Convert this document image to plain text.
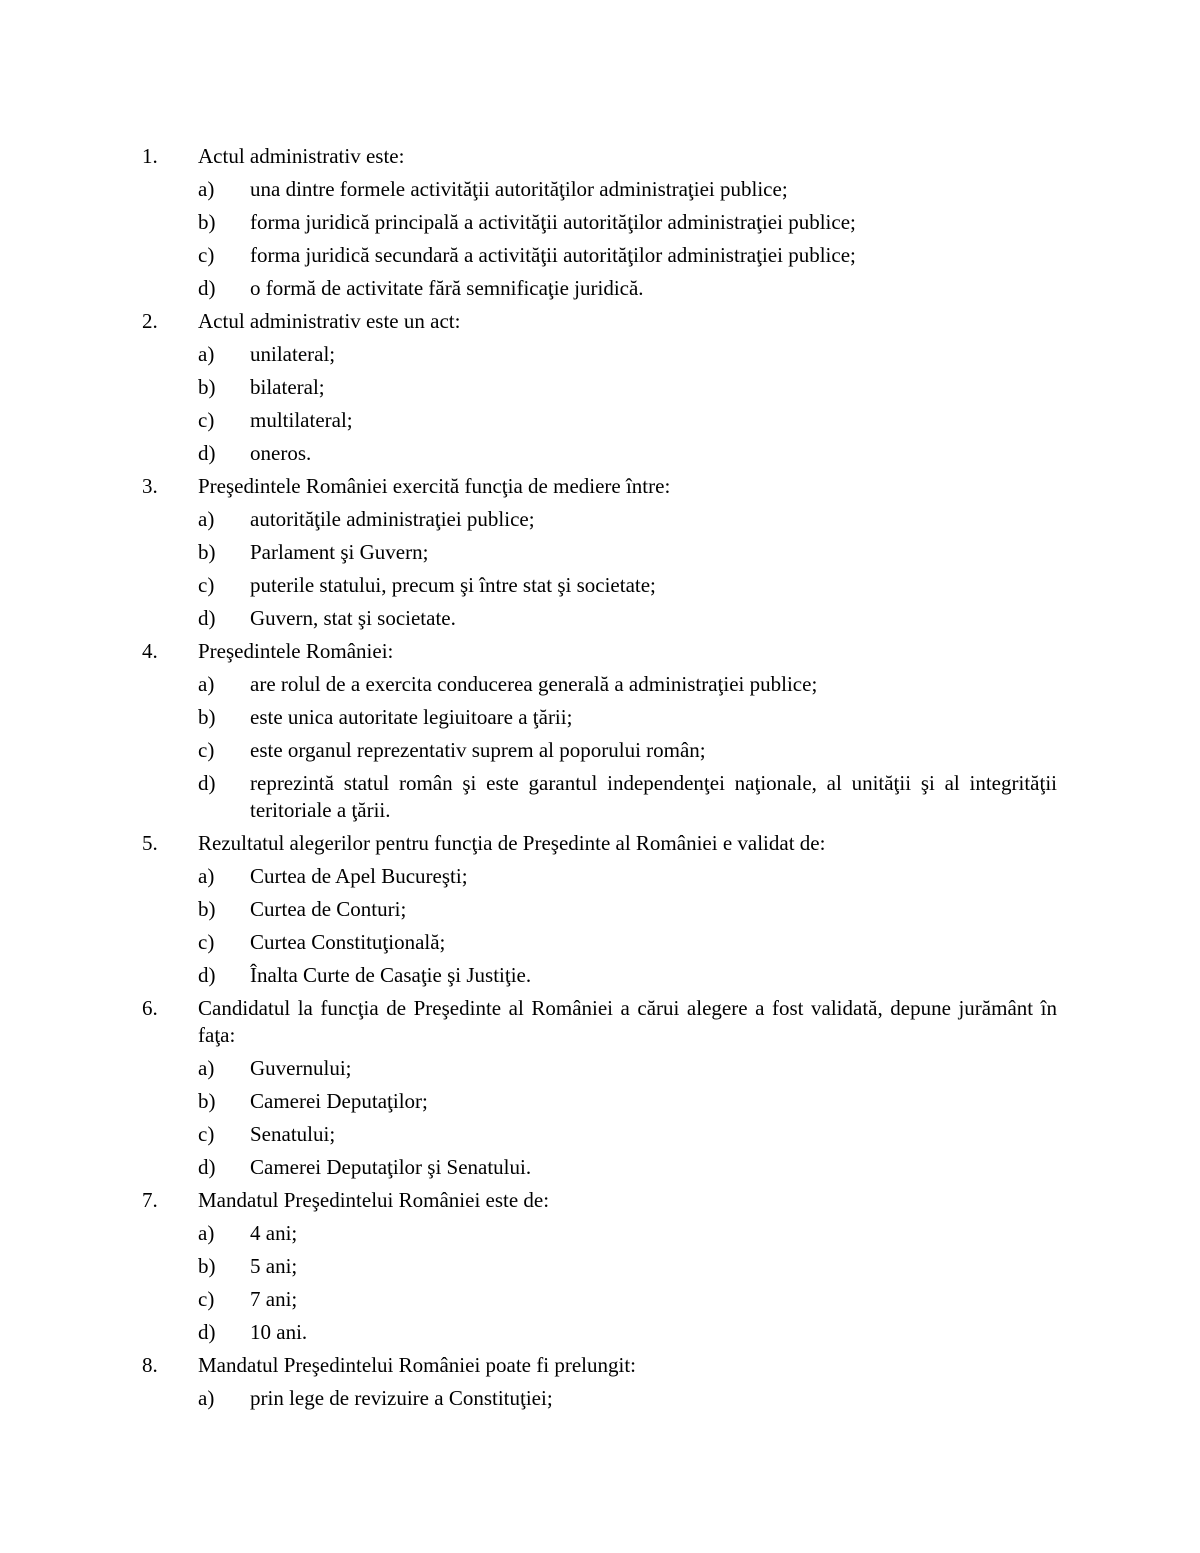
1.	Actul administrativ este:
a)	una dintre formele activităţii autorităţilor administraţiei publice;
b)	forma juridică principală a activităţii autorităţilor administraţiei publice;
c)	forma juridică secundară a activităţii autorităţilor administraţiei publice;
d)	o formă de activitate fără semnificaţie juridică.
2.	Actul administrativ este un act:
a)	unilateral;
b)	bilateral;
c)	multilateral;
d)	oneros.
3.	Preşedintele României exercită funcţia de mediere între:
a)	autorităţile administraţiei publice;
b)	Parlament şi Guvern;
c)	puterile statului, precum şi între stat şi societate;
d)	Guvern, stat şi societate.
4.	Preşedintele României:
a)	are rolul de a exercita conducerea generală a administraţiei publice;
b)	este unica autoritate legiuitoare a ţării;
c)	este organul reprezentativ suprem al poporului român;
d)	reprezintă statul român şi este garantul independenţei naţionale, al unităţii şi al integrităţii teritoriale a ţării.
5.	Rezultatul alegerilor pentru funcţia de Preşedinte al României e validat de:
a)	Curtea de Apel Bucureşti;
b)	Curtea de Conturi;
c)	Curtea Constituţională;
d)	Înalta Curte de Casaţie şi Justiţie.
6.	Candidatul la funcţia de Preşedinte al României a cărui alegere a fost validată, depune jurământ în faţa:
a)	Guvernului;
b)	Camerei Deputaţilor;
c)	Senatului;
d)	Camerei Deputaţilor şi Senatului.
7.	Mandatul Preşedintelui României este de:
a)	4 ani;
b)	5 ani;
c)	7 ani;
d)	10 ani.
8.	Mandatul Preşedintelui României poate fi prelungit:
a)	prin lege de revizuire a Constituţiei;
